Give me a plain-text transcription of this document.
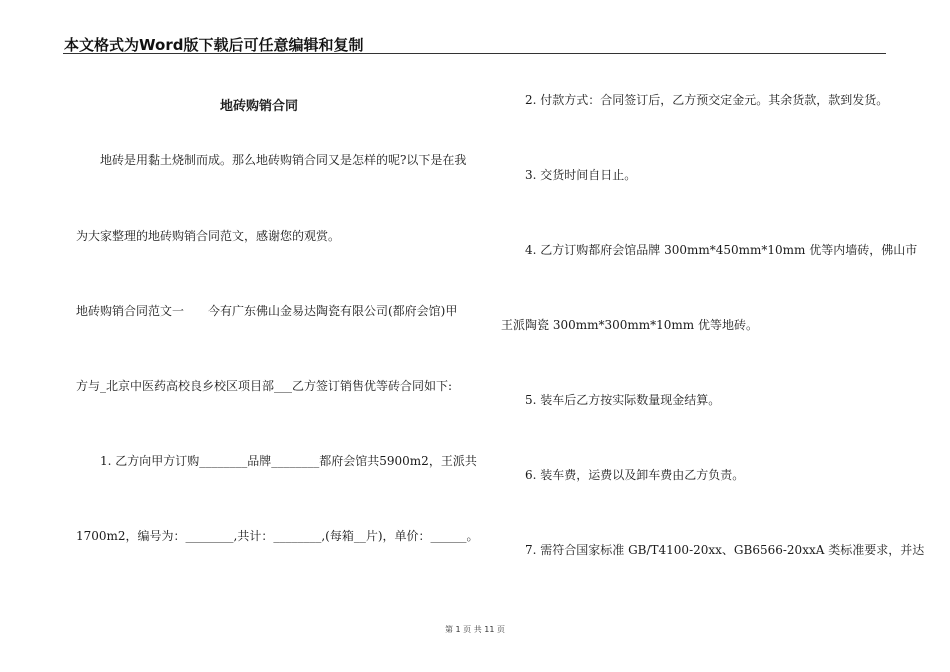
本文格式为Word版下载后可任意编辑和复制
地砖购销合同
地砖是用黏土烧制而成。那么地砖购销合同又是怎样的呢?以下是在我
为大家整理的地砖购销合同范文，感谢您的观赏。
地砖购销合同范文一　　今有广东佛山金易达陶瓷有限公司(都府会馆)甲
方与_北京中医药高校良乡校区项目部___乙方签订销售优等砖合同如下:
1. 乙方向甲方订购________品牌________都府会馆共5900m2，王派共
1700m2，编号为：________,共计：________,(每箱__片)，单价：______。
2. 付款方式：合同签订后，乙方预交定金元。其余货款，款到发货。
3. 交货时间自日止。
4. 乙方订购都府会馆品牌 300mm*450mm*10mm 优等内墙砖，佛山市
王派陶瓷 300mm*300mm*10mm 优等地砖。
5. 装车后乙方按实际数量现金结算。
6. 装车费，运费以及卸车费由乙方负责。
7. 需符合国家标准 GB/T4100-20xx、GB6566-20xxA 类标准要求，并达
第 1 页 共 11 页
